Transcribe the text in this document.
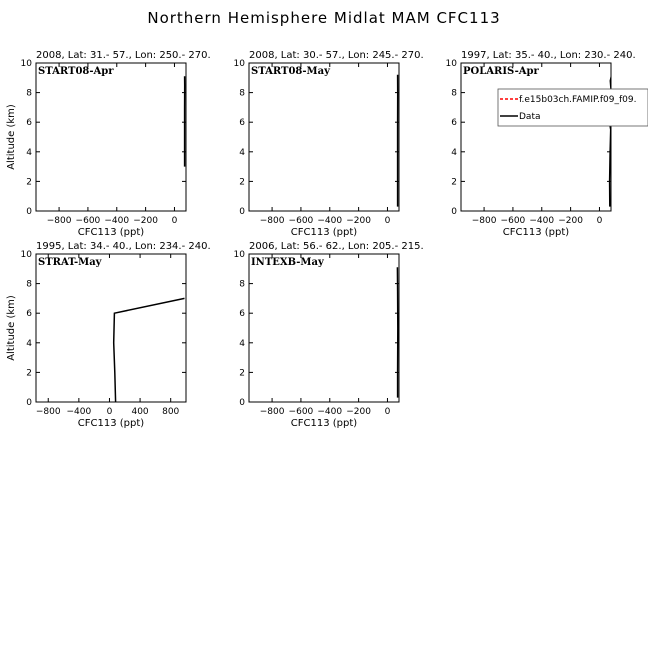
Northern Hemisphere Midlat MAM CFC113
2008, Lat: 31.- 57., Lon: 250.- 270.
START08-Apr
−800 −600 −400 −200 0
0
2
4
6
8
10
CFC113 (ppt)
Altitude (km)
2008, Lat: 30.- 57., Lon: 245.- 270.
START08-May
−800 −600 −400 −200 0
0
2
4
6
8
10
CFC113 (ppt)
1997, Lat: 35.- 40., Lon: 230.- 240.
POLARIS-Apr
−800 −600 −400 −200 0
0
2
4
6
8
10
CFC113 (ppt)
f.e15b03ch.FAMIP.f09_f09.
Data
1995, Lat: 34.- 40., Lon: 234.- 240.
STRAT-May
−800 −400 0 400 800
0
2
4
6
8
10
CFC113 (ppt)
Altitude (km)
2006, Lat: 56.- 62., Lon: 205.- 215.
INTEXB-May
−800 −600 −400 −200 0
0
2
4
6
8
10
CFC113 (ppt)
